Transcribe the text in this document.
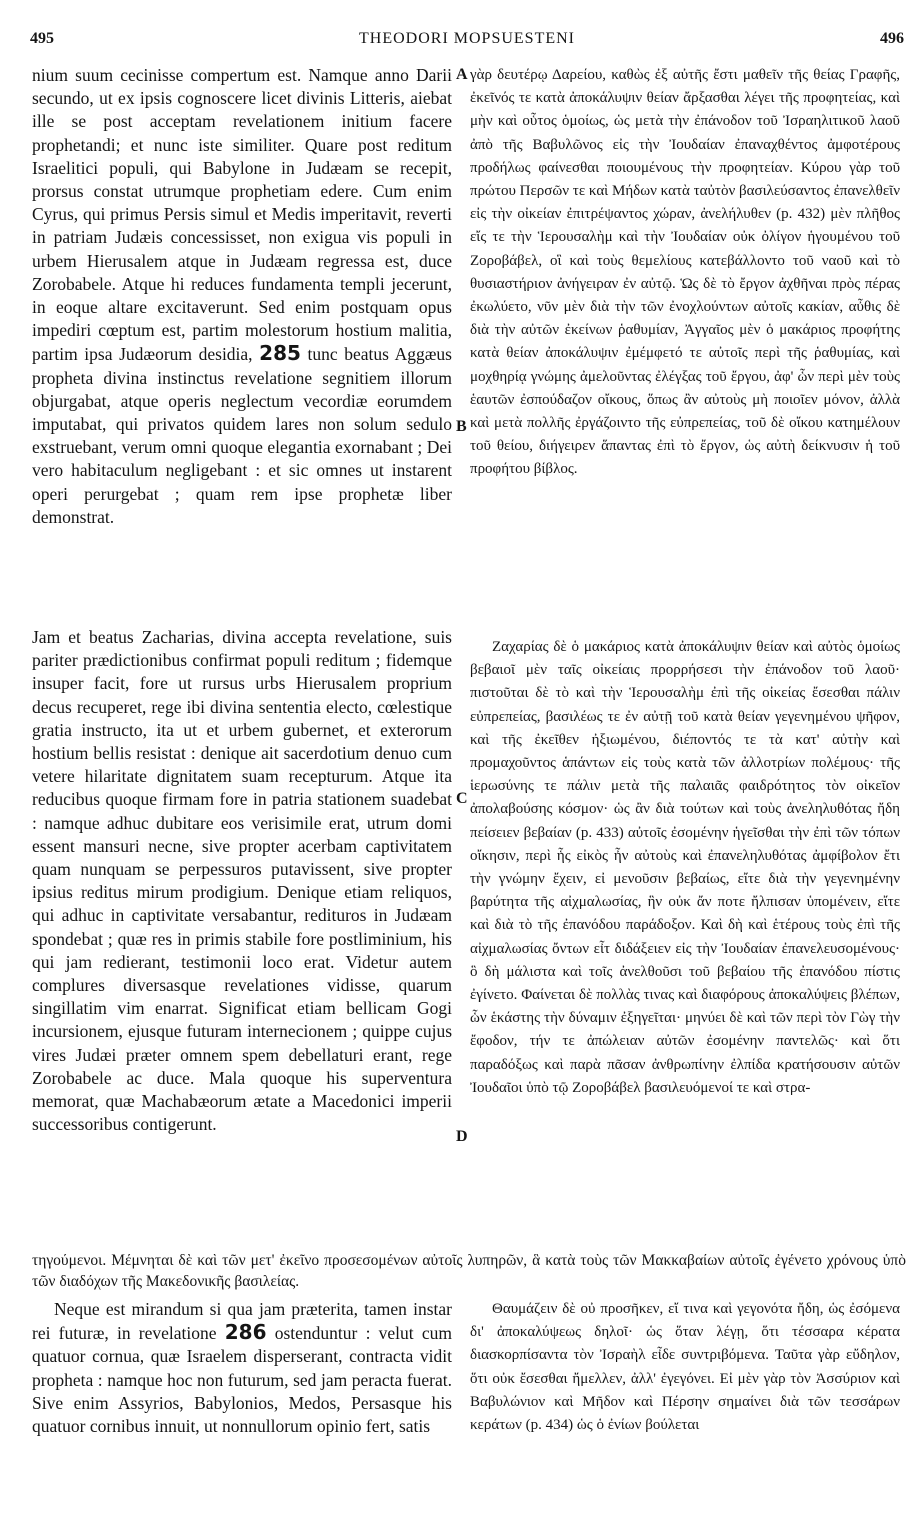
495	THEODORI MOPSUESTENI	496
A
B
C
D

nium suum cecinisse compertum est. Namque anno Darii secundo, ut ex ipsis cognoscere licet divinis Litteris, aiebat ille se post acceptam revelationem initium facere prophetandi; et nunc iste similiter. Quare post reditum Israelitici populi, qui Babylone in Judæam se recepit, prorsus constat utrumque prophetiam edere. Cum enim Cyrus, qui primus Persis simul et Medis imperitavit, reverti in patriam Judæis concessisset, non exigua vis populi in urbem Hierusalem atque in Judæam regressa est, duce Zorobabele. Atque hi reduces fundamenta templi jecerunt, in eoque altare excitaverunt. Sed enim postquam opus impediri cœptum est, partim molestorum hostium malitia, partim ipsa Judæorum desidia, 285 tunc beatus Aggæus propheta divina instinctus revelatione segnitiem illorum objurgabat, atque operis neglectum vecordiæ eorumdem imputabat, qui privatos quidem lares non solum sedulo exstruebant, verum omni quoque elegantia exornabant ; Dei vero habitaculum negligebant : et sic omnes ut instarent operi perurgebat ; quam rem ipse prophetæ liber demonstrat.

Jam et beatus Zacharias, divina accepta revelatione, suis pariter prædictionibus confirmat populi reditum ; fidemque insuper facit, fore ut rursus urbs Hierusalem proprium decus recuperet, rege ibi divina sententia electo, cœlestique gratia instructo, ita ut et urbem gubernet, et exterorum hostium bellis resistat : denique ait sacerdotium denuo cum vetere hilaritate dignitatem suam recepturum. Atque ita reducibus quoque firmam fore in patria stationem suadebat : namque adhuc dubitare eos verisimile erat, utrum domi essent mansuri necne, sive propter acerbam captivitatem quam nunquam se perpessuros putavissent, sive propter ipsius reditus mirum prodigium. Denique etiam reliquos, qui adhuc in captivitate versabantur, redituros in Judæam spondebat ; quæ res in primis stabile fore postliminium, his qui jam redierant, testimonii loco erat. Videtur autem complures diversasque revelationes vidisse, quarum singillatim vim enarrat. Significat etiam bellicam Gogi incursionem, ejusque futuram internecionem ; quippe cujus vires Judæi præter omnem spem debellaturi erant, rege Zorobabele ac duce. Mala quoque his superventura memorat, quæ Machabæorum ætate a Macedonici imperii successoribus contigerunt.

γὰρ δευτέρῳ Δαρείου, καθὼς ἐξ αὐτῆς ἔστι μαθεῖν τῆς θείας Γραφῆς, ἐκεῖνός τε κατὰ ἀποκάλυψιν θείαν ἄρξασθαι λέγει τῆς προφητείας, καὶ μὴν καὶ οὗτος ὁμοίως, ὡς μετὰ τὴν ἐπάνοδον τοῦ Ἰσραηλιτικοῦ λαοῦ ἀπὸ τῆς Βαβυλῶνος εἰς τὴν Ἰουδαίαν ἐπαναχθέντος ἀμφοτέρους προδήλως φαίνεσθαι ποιουμένους τὴν προφητείαν. Κύρου γὰρ τοῦ πρώτου Περσῶν τε καὶ Μήδων κατὰ ταὐτὸν βασιλεύσαντος ἐπανελθεῖν εἰς τὴν οἰκείαν ἐπιτρέψαντος χώραν, ἀνελήλυθεν (p. 432) μὲν πλῆθος εἴς τε τὴν Ἱερουσαλὴμ καὶ τὴν Ἰουδαίαν οὐκ ὀλίγον ἡγουμένου τοῦ Ζοροβάβελ, οἳ καὶ τοὺς θεμελίους κατεβάλλοντο τοῦ ναοῦ καὶ τὸ θυσιαστήριον ἀνήγειραν ἐν αὐτῷ. Ὡς δὲ τὸ ἔργον ἀχθῆναι πρὸς πέρας ἐκωλύετο, νῦν μὲν διὰ τὴν τῶν ἐνοχλούντων αὐτοῖς κακίαν, αὖθις δὲ διὰ τὴν αὐτῶν ἐκείνων ῥαθυμίαν, Ἀγγαῖος μὲν ὁ μακάριος προφήτης κατὰ θείαν ἀποκάλυψιν ἐμέμφετό τε αὐτοῖς περὶ τῆς ῥαθυμίας, καὶ μοχθηρίᾳ γνώμης ἀμελοῦντας ἐλέγξας τοῦ ἔργου, ἀφ' ὧν περὶ μὲν τοὺς ἑαυτῶν ἐσπούδαζον οἴκους, ὅπως ἂν αὐτοὺς μὴ ποιοῖεν μόνον, ἀλλὰ καὶ μετὰ πολλῆς ἐργάζοιντο τῆς εὐπρεπείας, τοῦ δὲ οἴκου κατημέλουν τοῦ θείου, διήγειρεν ἅπαντας ἐπὶ τὸ ἔργον, ὡς αὐτὴ δείκνυσιν ἡ τοῦ προφήτου βίβλος.

Ζαχαρίας δὲ ὁ μακάριος κατὰ ἀποκάλυψιν θείαν καὶ αὐτὸς ὁμοίως βεβαιοῖ μὲν ταῖς οἰκείαις προρρήσεσι τὴν ἐπάνοδον τοῦ λαοῦ· πιστοῦται δὲ τὸ καὶ τὴν Ἱερουσαλὴμ ἐπὶ τῆς οἰκείας ἔσεσθαι πάλιν εὐπρεπείας, βασιλέως τε ἐν αὐτῇ τοῦ κατὰ θείαν γεγενημένου ψῆφον, καὶ τῆς ἐκεῖθεν ἠξιωμένου, διέποντός τε τὰ κατ' αὐτὴν καὶ προμαχοῦντος ἁπάντων εἰς τοὺς κατὰ τῶν ἀλλοτρίων πολέμους· τῆς ἱερωσύνης τε πάλιν μετὰ τῆς παλαιᾶς φαιδρότητος τὸν οἰκεῖον ἀπολαβούσης κόσμον· ὡς ἂν διὰ τούτων καὶ τοὺς ἀνεληλυθότας ἤδη πείσειεν βεβαίαν (p. 433) αὐτοῖς ἐσομένην ἡγεῖσθαι τὴν ἐπὶ τῶν τόπων οἴκησιν, περὶ ἧς εἰκὸς ἦν αὐτοὺς καὶ ἐπανεληλυθότας ἀμφίβολον ἔτι τὴν γνώμην ἔχειν, εἰ μενοῦσιν βεβαίως, εἴτε διὰ τὴν γεγενημένην βαρύτητα τῆς αἰχμαλωσίας, ἣν οὐκ ἄν ποτε ἤλπισαν ὑπομένειν, εἴτε καὶ διὰ τὸ τῆς ἐπανόδου παράδοξον. Καὶ δὴ καὶ ἑτέρους τοὺς ἐπὶ τῆς αἰχμαλωσίας ὄντων εἶτ διδάξειεν εἰς τὴν Ἰουδαίαν ἐπανελευσομένους· ὃ δὴ μάλιστα καὶ τοῖς ἀνελθοῦσι τοῦ βεβαίου τῆς ἐπανόδου πίστις ἐγίνετο. Φαίνεται δὲ πολλὰς τινας καὶ διαφόρους ἀποκαλύψεις βλέπων, ὧν ἑκάστης τὴν δύναμιν ἐξηγεῖται· μηνύει δὲ καὶ τῶν περὶ τὸν Γὼγ τὴν ἔφοδον, τήν τε ἀπώλειαν αὐτῶν ἐσομένην παντελῶς· καὶ ὅτι παραδόξως καὶ παρὰ πᾶσαν ἀνθρωπίνην ἐλπίδα κρατήσουσιν αὐτῶν Ἰουδαῖοι ὑπὸ τῷ Ζοροβάβελ βασιλευόμενοί τε καὶ στρα-

τηγούμενοι. Μέμνηται δὲ καὶ τῶν μετ' ἐκεῖνο προσεσομένων αὐτοῖς λυπηρῶν, ἃ κατὰ τοὺς τῶν Μακκαβαίων αὐτοῖς ἐγένετο χρόνους ὑπὸ τῶν διαδόχων τῆς Μακεδονικῆς βασιλείας.

Neque est mirandum si qua jam præterita, tamen instar rei futuræ, in revelatione 286 ostenduntur : velut cum quatuor cornua, quæ Israelem disperserant, contracta vidit propheta : namque hoc non futurum, sed jam peracta fuerat. Sive enim Assyrios, Babylonios, Medos, Persasque his quatuor cornibus innuit, ut nonnullorum opinio fert, satis

Θαυμάζειν δὲ οὐ προσῆκεν, εἴ τινα καὶ γεγονότα ἤδη, ὡς ἐσόμενα δι' ἀποκαλύψεως δηλοῖ· ὡς ὅταν λέγῃ, ὅτι τέσσαρα κέρατα διασκορπίσαντα τὸν Ἰσραὴλ εἶδε συντριβόμενα. Ταῦτα γὰρ εὔδηλον, ὅτι οὐκ ἔσεσθαι ἤμελλεν, ἀλλ' ἐγεγόνει. Εἰ μὲν γὰρ τὸν Ἀσσύριον καὶ Βαβυλώνιον καὶ Μῆδον καὶ Πέρσην σημαίνει διὰ τῶν τεσσάρων κεράτων (p. 434) ὡς ὁ ἐνίων βούλεται
